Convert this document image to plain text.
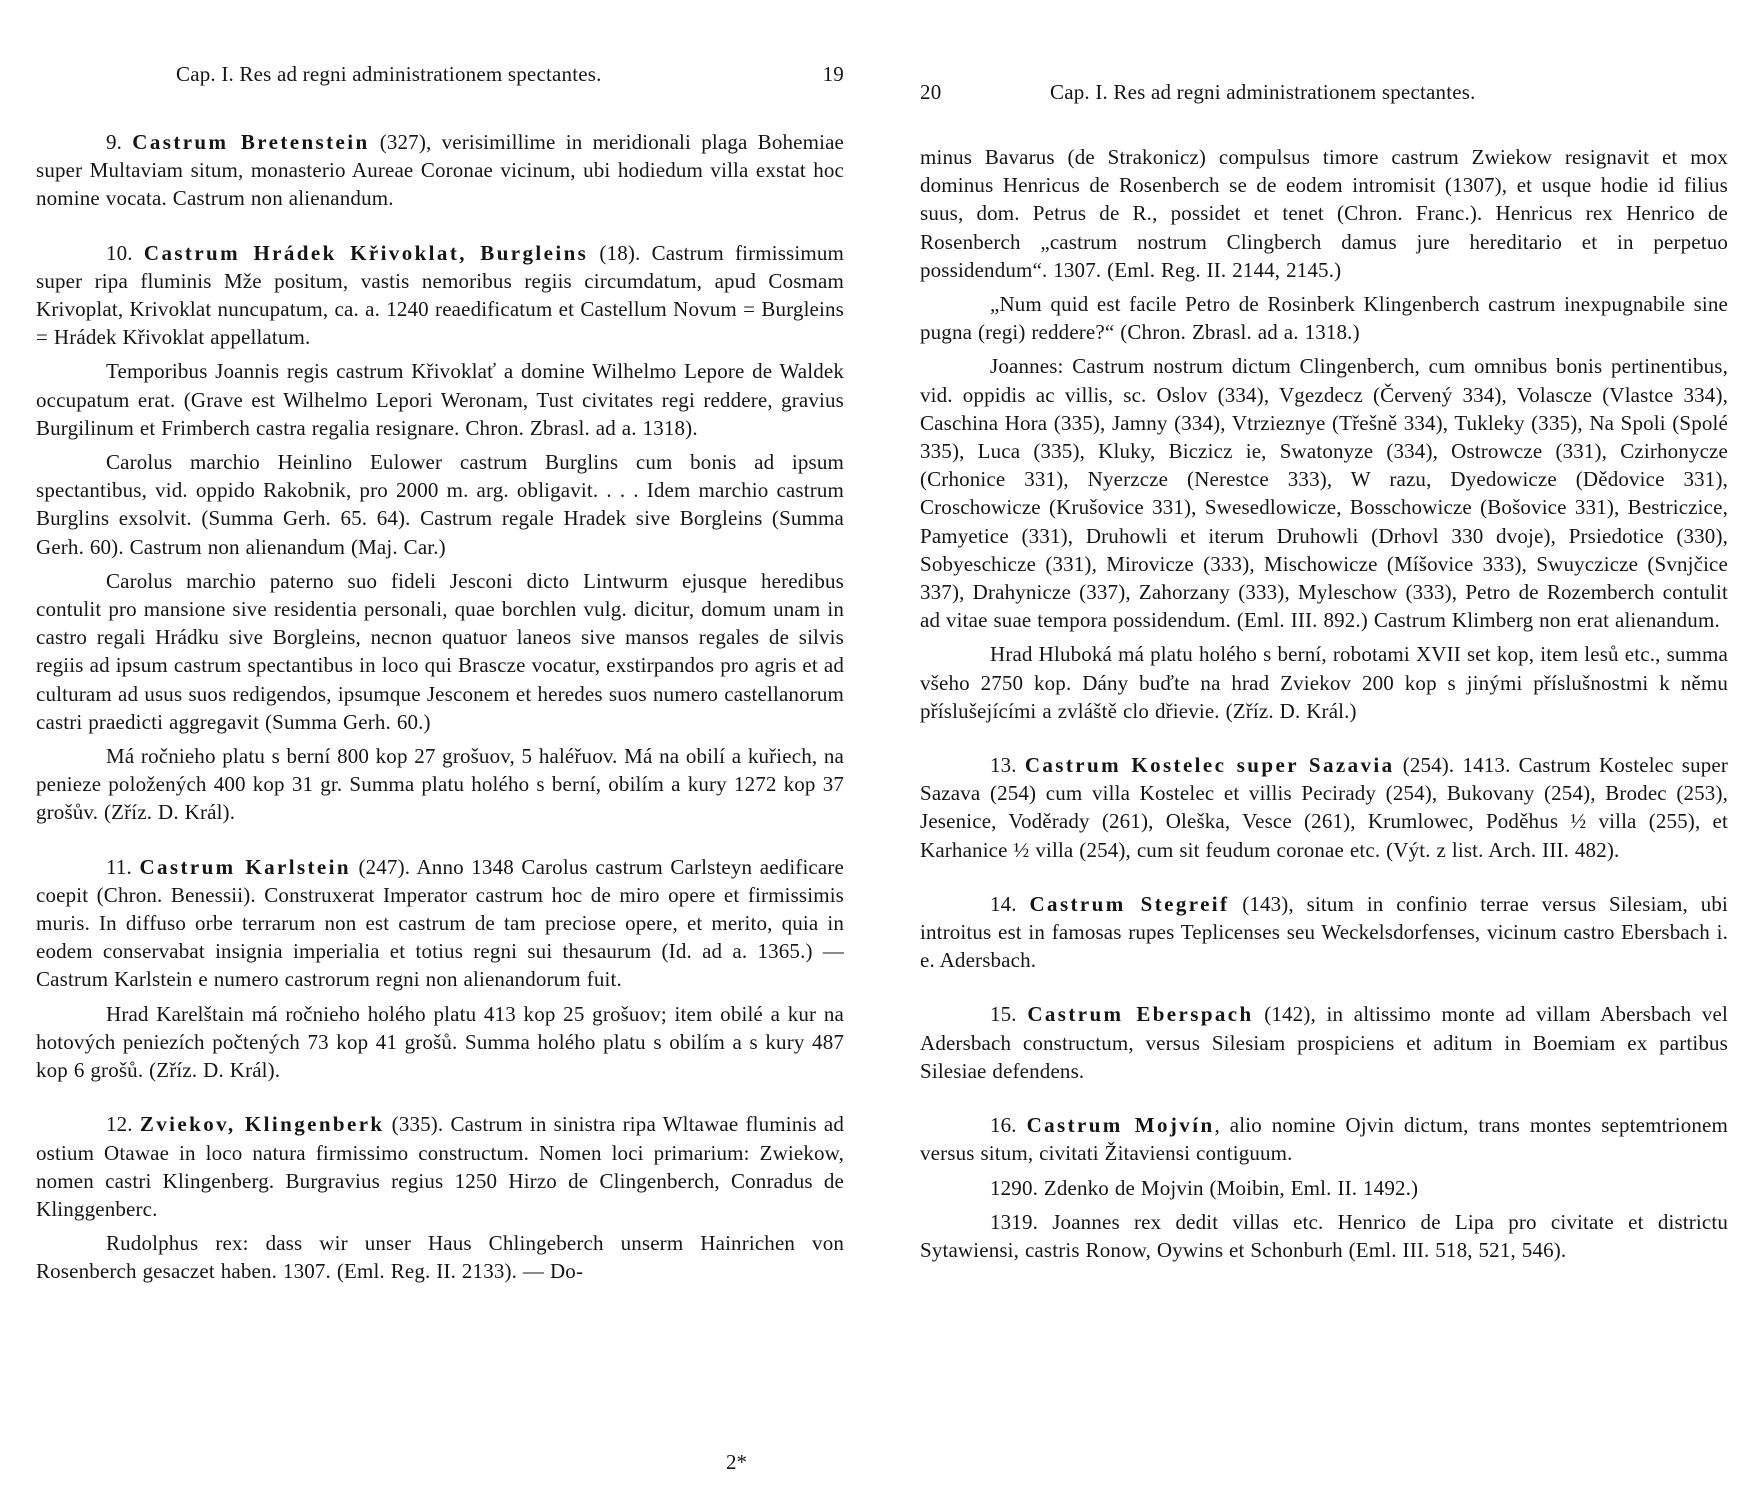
Cap. I. Res ad regni administrationem spectantes.	19

9. Castrum Bretenstein (327), verisimillime in meridionali plaga Bohemiae super Multaviam situm, monasterio Aureae Coronae vicinum, ubi hodiedum villa exstat hoc nomine vocata. Castrum non alienandum.

10. Castrum Hrádek Křivoklat, Burgleins (18). Castrum firmissimum super ripa fluminis Mže positum, vastis nemoribus regiis circumdatum, apud Cosmam Krivoplat, Krivoklat nuncupatum, ca. a. 1240 reaedificatum et Castellum Novum = Burgleins = Hrádek Křivoklat appellatum.

Temporibus Joannis regis castrum Křivoklať a domine Wilhelmo Lepore de Waldek occupatum erat. (Grave est Wilhelmo Lepori Weronam, Tust civitates regi reddere, gravius Burgilinum et Frimberch castra regalia resignare. Chron. Zbrasl. ad a. 1318).

Carolus marchio Heinlino Eulower castrum Burglins cum bonis ad ipsum spectantibus, vid. oppido Rakobnik, pro 2000 m. arg. obligavit. . . . Idem marchio castrum Burglins exsolvit. (Summa Gerh. 65. 64). Castrum regale Hradek sive Borgleins (Summa Gerh. 60). Castrum non alienandum (Maj. Car.)

Carolus marchio paterno suo fideli Jesconi dicto Lintwurm ejusque heredibus contulit pro mansione sive residentia personali, quae borchlen vulg. dicitur, domum unam in castro regali Hrádku sive Borgleins, necnon quatuor laneos sive mansos regales de silvis regiis ad ipsum castrum spectantibus in loco qui Brascze vocatur, exstirpandos pro agris et ad culturam ad usus suos redigendos, ipsumque Jesconem et heredes suos numero castellanorum castri praedicti aggregavit (Summa Gerh. 60.)

Má ročnieho platu s berní 800 kop 27 grošuov, 5 haléřuov. Má na obilí a kuřiech, na penieze položených 400 kop 31 gr. Summa platu holého s berní, obilím a kury 1272 kop 37 grošův. (Zříz. D. Král).

11. Castrum Karlstein (247). Anno 1348 Carolus castrum Carlsteyn aedificare coepit (Chron. Benessii). Construxerat Imperator castrum hoc de miro opere et firmissimis muris. In diffuso orbe terrarum non est castrum de tam preciose opere, et merito, quia in eodem conservabat insignia imperialia et totius regni sui thesaurum (Id. ad a. 1365.) — Castrum Karlstein e numero castrorum regni non alienandorum fuit.

Hrad Karelštain má ročnieho holého platu 413 kop 25 grošuov; item obilé a kur na hotových peniezích počtených 73 kop 41 grošů. Summa holého platu s obilím a s kury 487 kop 6 grošů. (Zříz. D. Král).

12. Zviekov, Klingenberk (335). Castrum in sinistra ripa Wltawae fluminis ad ostium Otawae in loco natura firmissimo constructum. Nomen loci primarium: Zwiekow, nomen castri Klingenberg. Burgravius regius 1250 Hirzo de Clingenberch, Conradus de Klinggenberc.

Rudolphus rex: dass wir unser Haus Chlingeberch unserm Hainrichen von Rosenberch gesaczet haben. 1307. (Eml. Reg. II. 2133). — Do-

2*
20	Cap. I. Res ad regni administrationem spectantes.

minus Bavarus (de Strakonicz) compulsus timore castrum Zwiekow resignavit et mox dominus Henricus de Rosenberch se de eodem intromisit (1307), et usque hodie id filius suus, dom. Petrus de R., possidet et tenet (Chron. Franc.). Henricus rex Henrico de Rosenberch „castrum nostrum Clingberch damus jure hereditario et in perpetuo possidendum“. 1307. (Eml. Reg. II. 2144, 2145.)

„Num quid est facile Petro de Rosinberk Klingenberch castrum inexpugnabile sine pugna (regi) reddere?“ (Chron. Zbrasl. ad a. 1318.)

Joannes: Castrum nostrum dictum Clingenberch, cum omnibus bonis pertinentibus, vid. oppidis ac villis, sc. Oslov (334), Vgezdecz (Červený 334), Volascze (Vlastce 334), Caschina Hora (335), Jamny (334), Vtrzieznye (Třešně 334), Tukleky (335), Na Spoli (Spolé 335), Luca (335), Kluky, Biczicz ie, Swatonyze (334), Ostrowcze (331), Czirhonycze (Crhonice 331), Nyerzcze (Nerestce 333), W razu, Dyedowicze (Dědovice 331), Croschowicze (Krušovice 331), Swesedlowicze, Bosschowicze (Bošovice 331), Bestriczice, Pamyetice (331), Druhowli et iterum Druhowli (Drhovl 330 dvoje), Prsiedotice (330), Sobyeschicze (331), Mirovicze (333), Mischowicze (Míšovice 333), Swuyczicze (Svnjčice 337), Drahynicze (337), Zahorzany (333), Myleschow (333), Petro de Rozemberch contulit ad vitae suae tempora possidendum. (Eml. III. 892.) Castrum Klimberg non erat alienandum.

Hrad Hluboká má platu holého s berní, robotami XVII set kop, item lesů etc., summa všeho 2750 kop. Dány buďte na hrad Zviekov 200 kop s jinými příslušnostmi k němu příslušejícími a zvláště clo dřievie. (Zříz. D. Král.)

13. Castrum Kostelec super Sazavia (254). 1413. Castrum Kostelec super Sazava (254) cum villa Kostelec et villis Pecirady (254), Bukovany (254), Brodec (253), Jesenice, Voděrady (261), Oleška, Vesce (261), Krumlowec, Poděhus ½ villa (255), et Karhanice ½ villa (254), cum sit feudum coronae etc. (Výt. z list. Arch. III. 482).

14. Castrum Stegreif (143), situm in confinio terrae versus Silesiam, ubi introitus est in famosas rupes Teplicenses seu Weckelsdorfenses, vicinum castro Ebersbach i. e. Adersbach.

15. Castrum Eberspach (142), in altissimo monte ad villam Abersbach vel Adersbach constructum, versus Silesiam prospiciens et aditum in Boemiam ex partibus Silesiae defendens.

16. Castrum Mojvín, alio nomine Ojvin dictum, trans montes septemtrionem versus situm, civitati Žitaviensi contiguum.

1290. Zdenko de Mojvin (Moibin, Eml. II. 1492.)

1319. Joannes rex dedit villas etc. Henrico de Lipa pro civitate et districtu Sytawiensi, castris Ronow, Oywins et Schonburh (Eml. III. 518, 521, 546).
